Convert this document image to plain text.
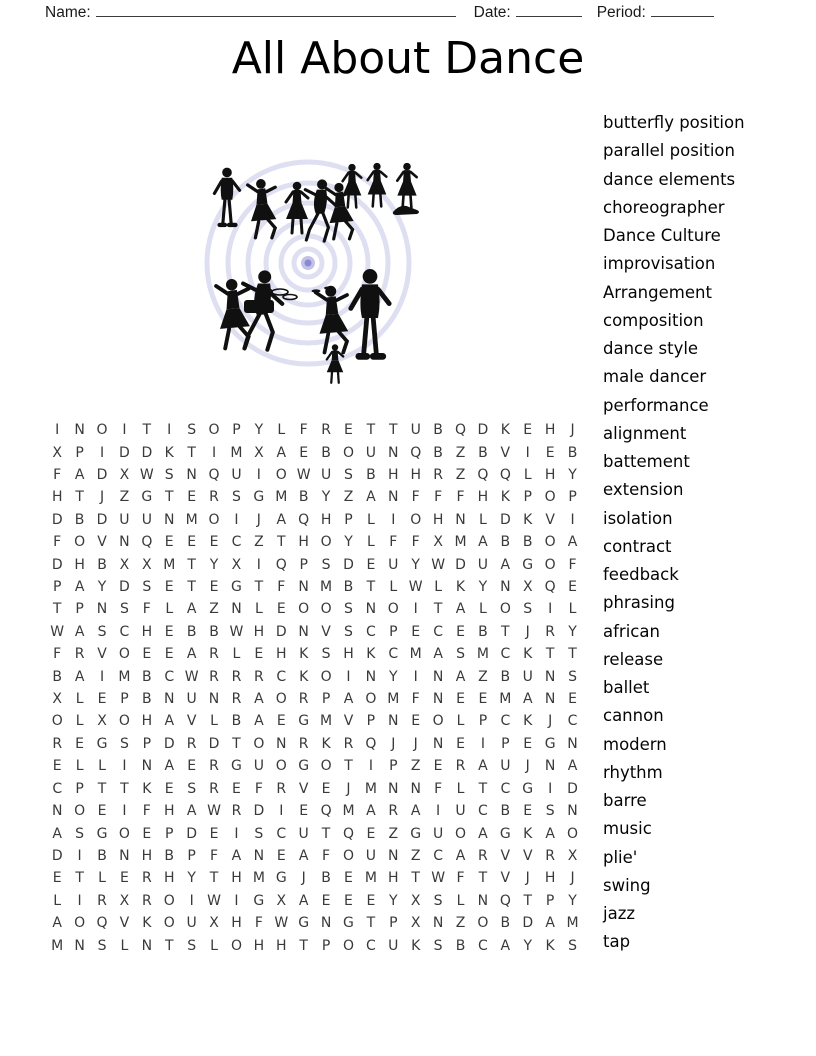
Name:	Date:	Period:
All About Dance
I	N O	I	T	I	S O P Y	L	F R E T T U B Q D K E H	J
X P	I	D D K T	I	M X A E B O U N Q B Z B V	I	E B
F A D X W S N Q U	I	O W U S B H H R Z Q Q L H Y
H T	J	Z G T E R S G M B Y Z A N F	F	F H K P O P
D B D U U N M O	I	J	A Q H P	L	I	O H N L D K V	I
F O V N Q E E E C Z T H O Y	L	F	F X M A B B O A
D H B X X M T Y X	I	Q P S D E U Y W D U A G O F
P A Y D S E T E G T	F N M B T	L W L K Y N X Q E
T P N S F	L A Z N L	E O O S N O	I	T A L O S	I	L
W A S C H E B B W H D N V S C P E C E B T	J	R Y
F R V O E E A R L	E H K S H K C M A S M C K T T
B A	I	M B C W R R R C K O	I	N Y	I	N A Z B U N S
X L	E P B N U N R A O R P A O M F N E E M A N E
O L X O H A V L B A E G M V P N E O L	P C K	J	C
R E G S P D R D T O N R K R Q	J	J	N E	I	P E G N
E	L	L	I	N A E R G U O G O T	I	P Z E R A U	J	N A
C P T T K E S R E F R V E	J	M N N F	L	T C G	I	D
N O E	I	F H A W R D	I	E Q M A R A	I	U C B E S N
A S G O E P D E	I	S C U T Q E Z G U O A G K A O
D	I	B N H B P	F A N E A F O U N Z C A R V V R X
E T	L	E R H Y T H M G	J	B E M H T W F	T V	J	H	J
L	I	R X R O	I W I	G X A E E E Y X S	L N Q T P Y
A O Q V K O U X H F W G N G T P X N Z O B D A M
M N S	L N T S	L O H H T P O C U K S B C A Y K S
butterfly position
parallel position
dance elements
choreographer
Dance Culture
improvisation
Arrangement
composition
dance style
male dancer
performance
alignment
battement
extension
isolation
contract
feedback
phrasing
african
release
ballet
cannon
modern
rhythm
barre
music
plie'
swing
jazz
tap
